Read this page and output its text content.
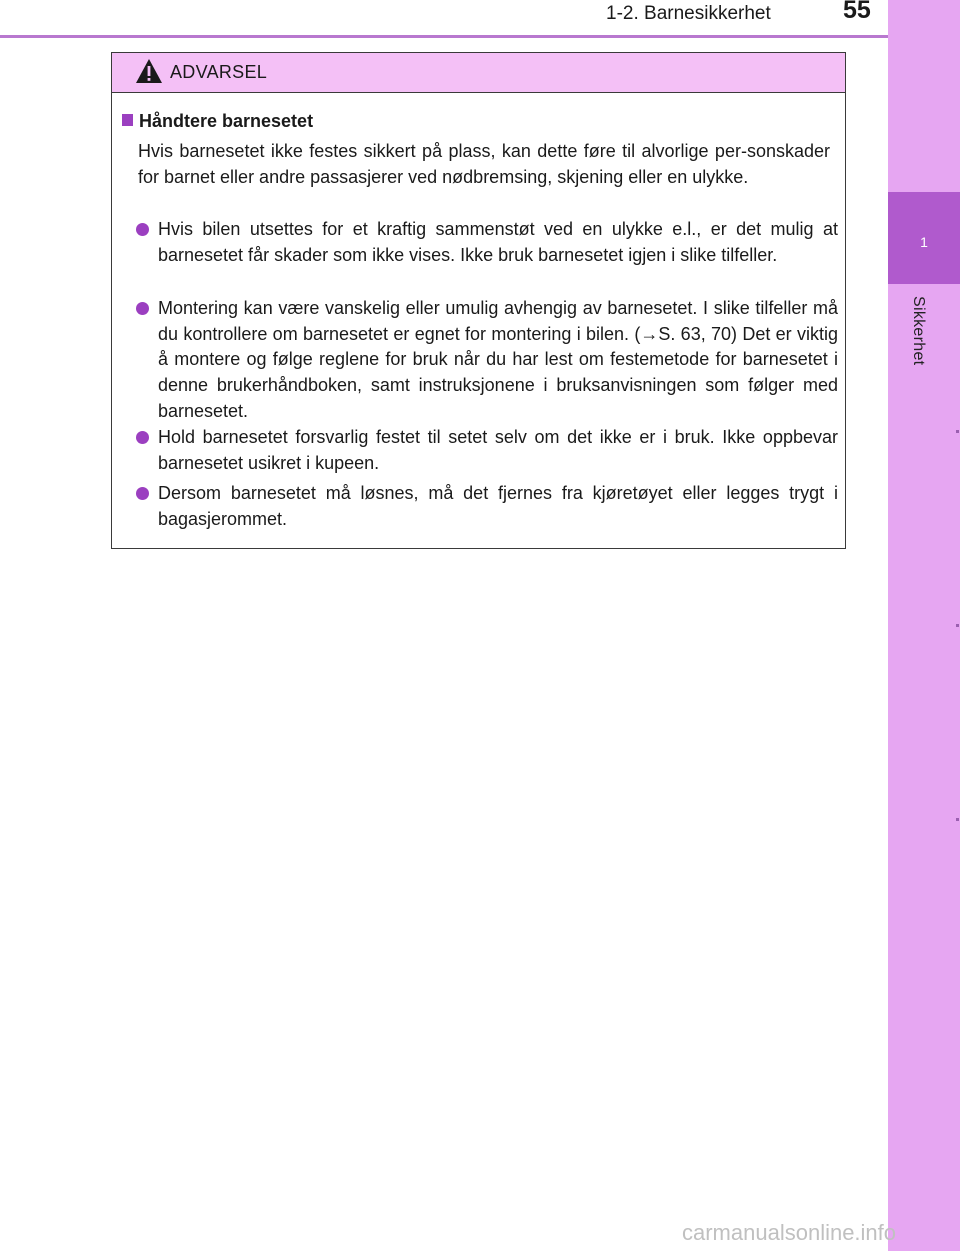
1-2. Barnesikkerhet	55
1
Sikkerhet
ADVARSEL
Håndtere barnesetet
Hvis barnesetet ikke festes sikkert på plass, kan dette føre til alvorlige per-sonskader for barnet eller andre passasjerer ved nødbremsing, skjening eller en ulykke.
Hvis bilen utsettes for et kraftig sammenstøt ved en ulykke e.l., er det mulig at barnesetet får skader som ikke vises. Ikke bruk barnesetet igjen i slike tilfeller.
Montering kan være vanskelig eller umulig avhengig av barnesetet. I slike tilfeller må du kontrollere om barnesetet er egnet for montering i bilen. (→S. 63, 70) Det er viktig å montere og følge reglene for bruk når du har lest om festemetode for barnesetet i denne brukerhåndboken, samt instruksjonene i bruksanvisningen som følger med barnesetet.
Hold barnesetet forsvarlig festet til setet selv om det ikke er i bruk. Ikke oppbevar barnesetet usikret i kupeen.
Dersom barnesetet må løsnes, må det fjernes fra kjøretøyet eller legges trygt i bagasjerommet.
carmanualsonline.info
